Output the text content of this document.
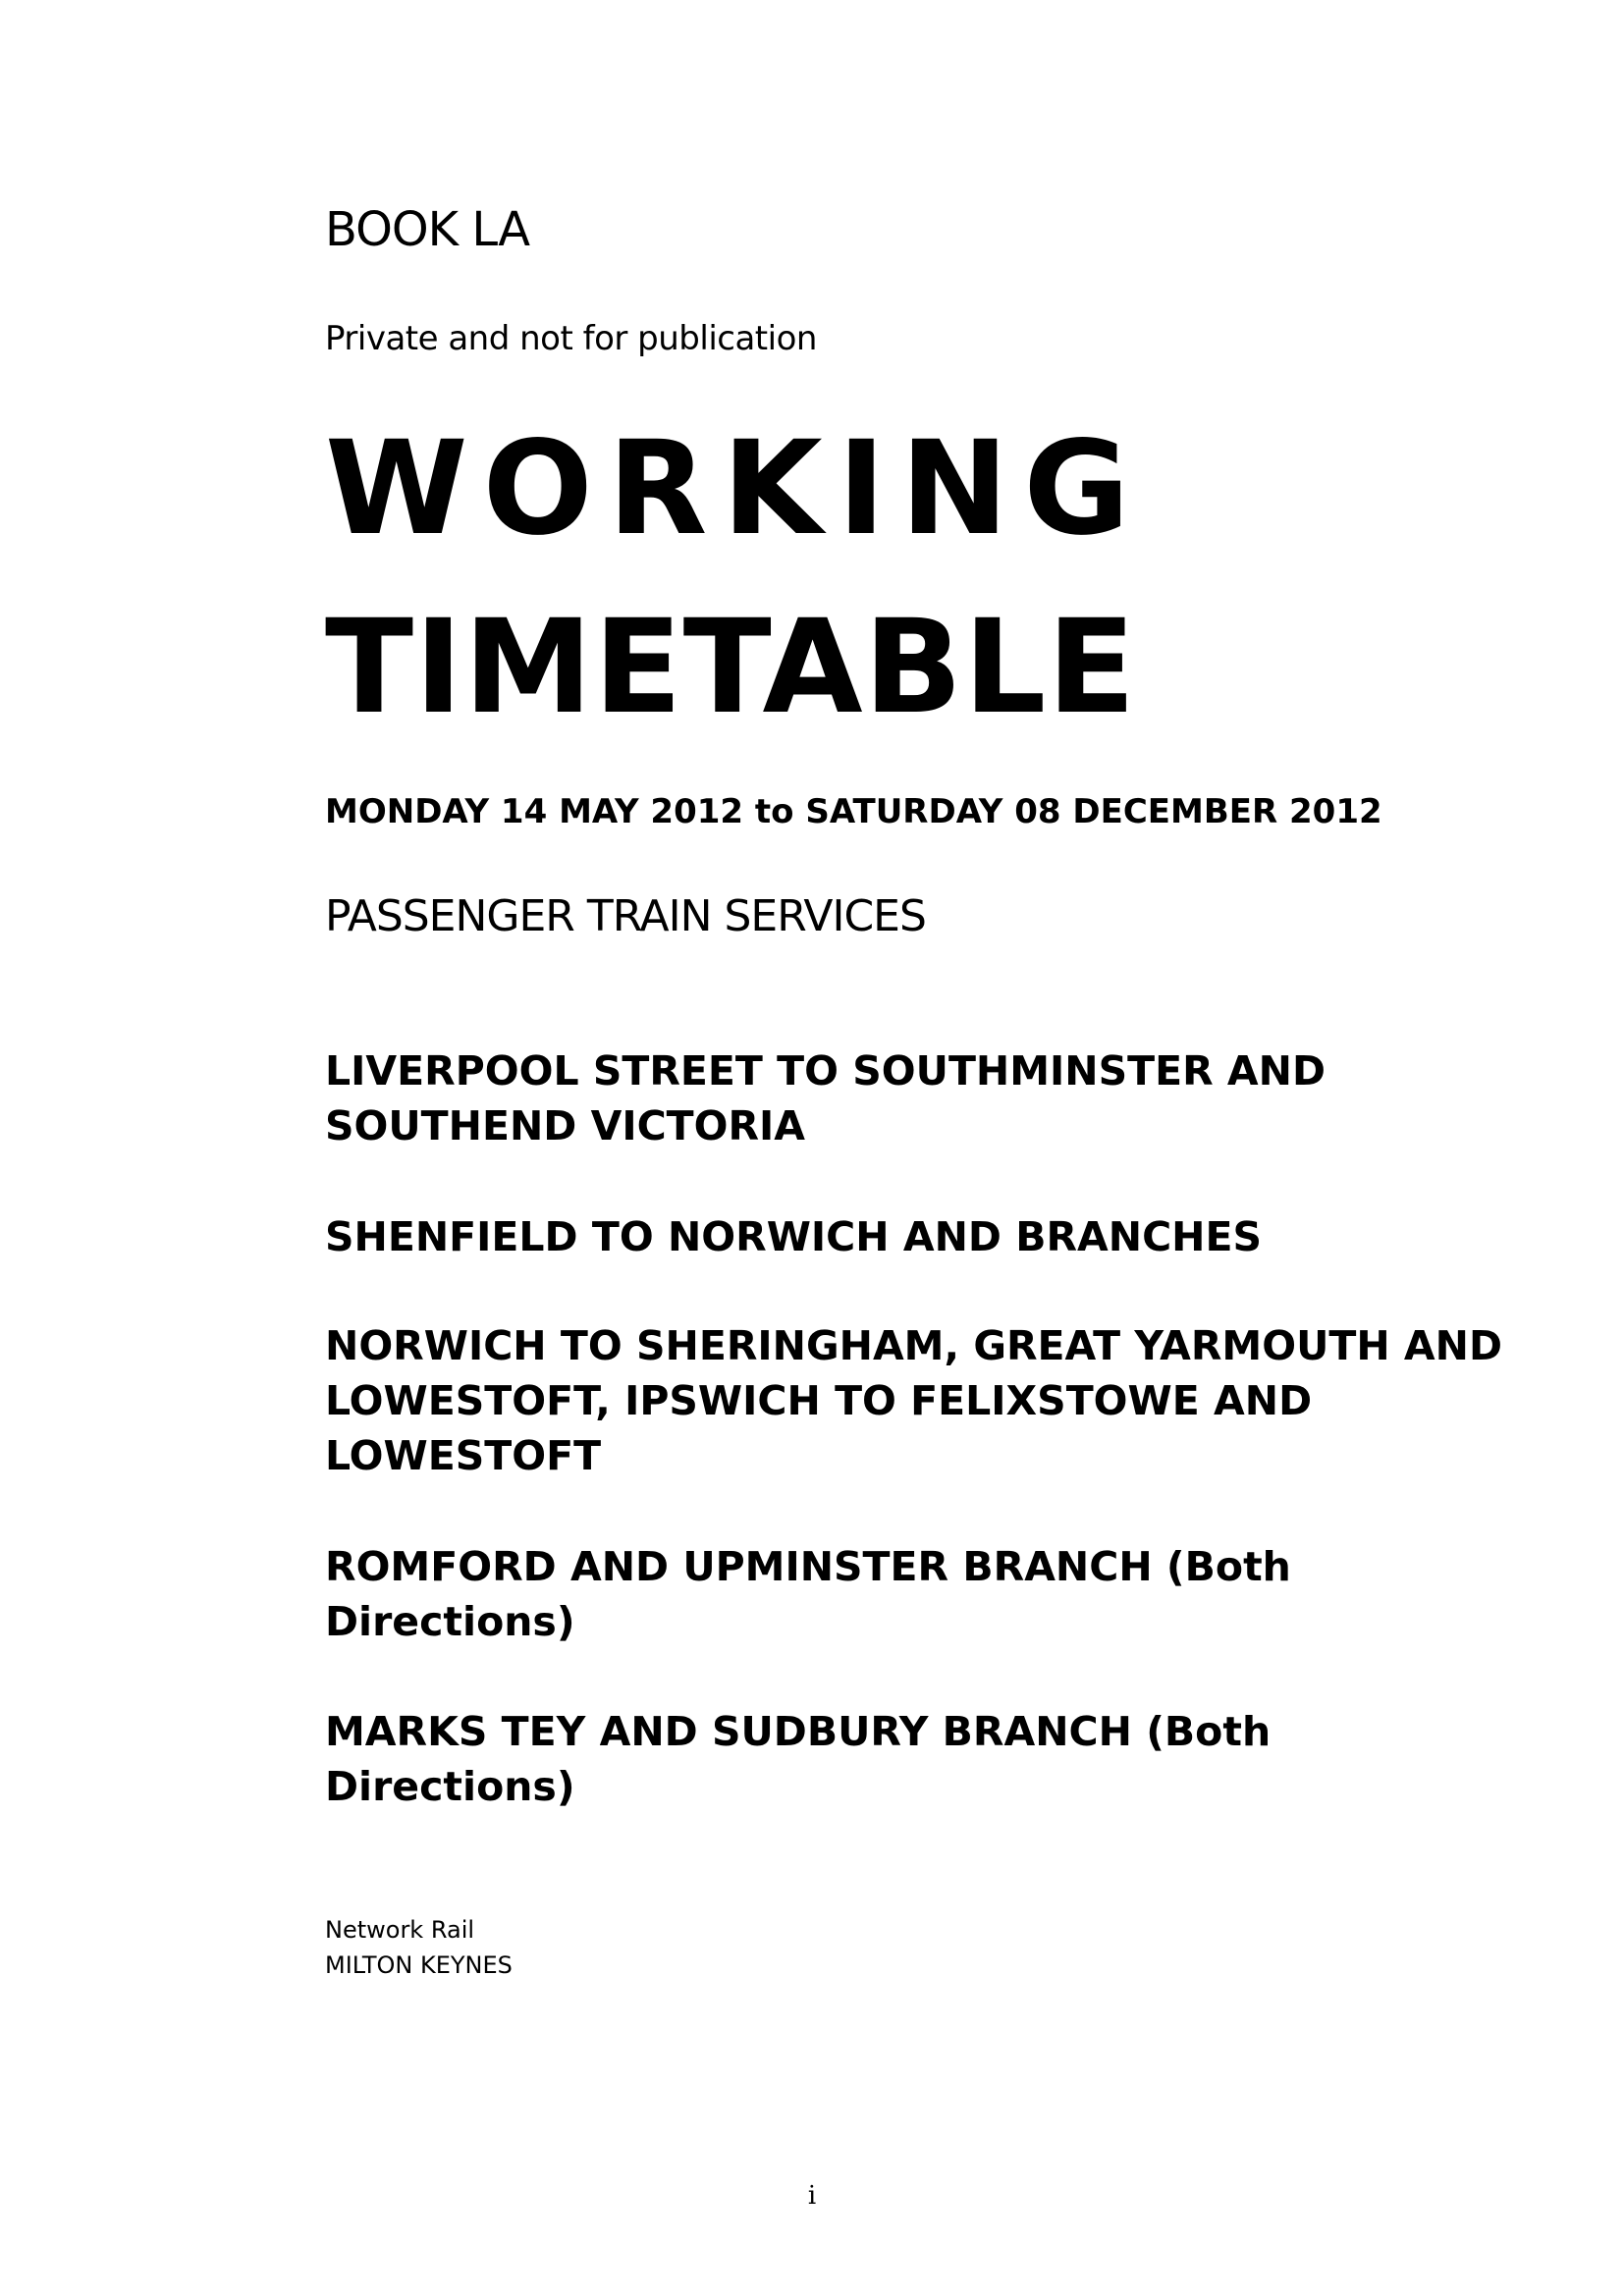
BOOK LA

Private and not for publication

WORKING
TIMETABLE

MONDAY 14 MAY 2012 to SATURDAY 08 DECEMBER 2012

PASSENGER TRAIN SERVICES

LIVERPOOL STREET TO SOUTHMINSTER AND SOUTHEND VICTORIA

SHENFIELD TO NORWICH AND BRANCHES

NORWICH TO SHERINGHAM, GREAT YARMOUTH AND LOWESTOFT, IPSWICH TO FELIXSTOWE AND LOWESTOFT

ROMFORD AND UPMINSTER BRANCH (Both Directions)

MARKS TEY AND SUDBURY BRANCH (Both Directions)

Network Rail
MILTON KEYNES
i
